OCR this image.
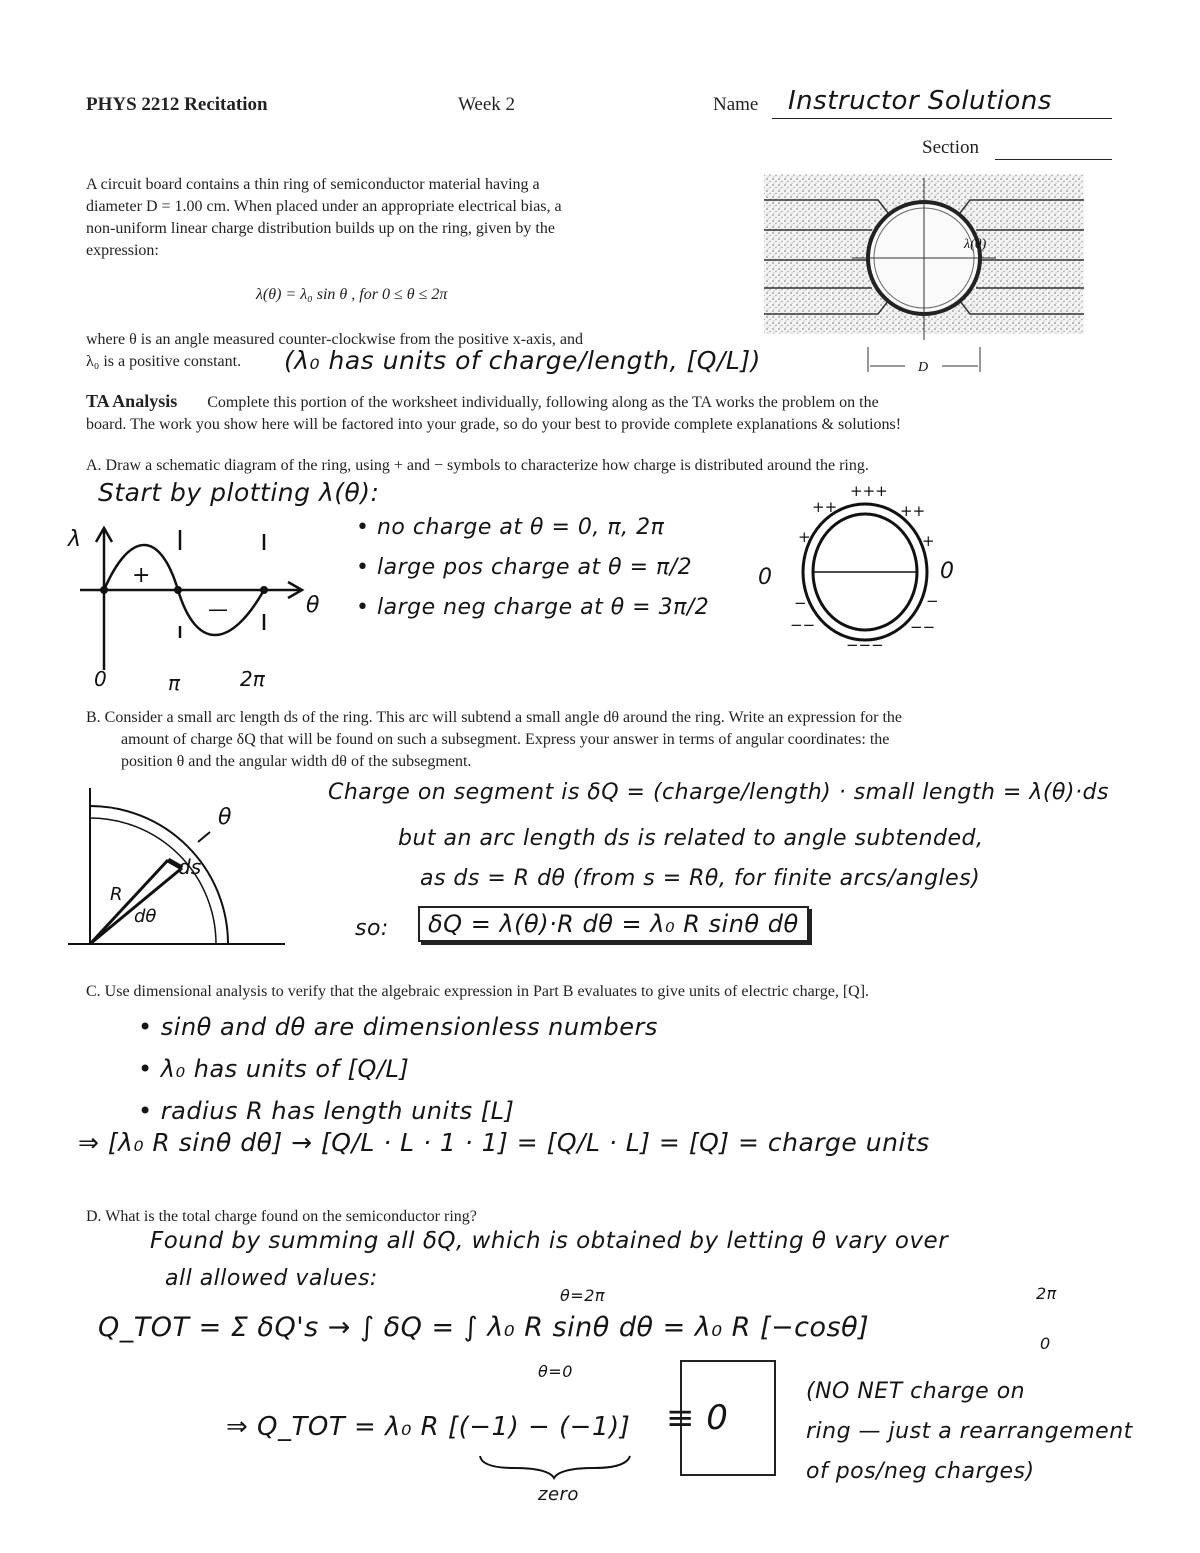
PHYS 2212 Recitation	Week 2	Name Instructor Solutions
Section
A circuit board contains a thin ring of semiconductor material having a
diameter D = 1.00 cm. When placed under an appropriate electrical bias, a
non-uniform linear charge distribution builds up on the ring, given by the
expression:
λ(θ) = λ₀ sin θ , for 0 ≤ θ ≤ 2π
where θ is an angle measured counter-clockwise from the positive x-axis, and
λ₀ is a positive constant.	(λ₀ has units of charge/length, [Q/L])
λ(θ)
D
TA Analysis Complete this portion of the worksheet individually, following along as the TA works the problem on the
board. The work you show here will be factored into your grade, so do your best to provide complete explanations & solutions!
A. Draw a schematic diagram of the ring, using + and − symbols to characterize how charge is distributed around the ring.
Start by plotting λ(θ):
• no charge at θ = 0, π, 2π
• large pos charge at θ = π/2
• large neg charge at θ = 3π/2
λ
θ
+
—
0	π	2π
+++
++	++
+	+
−	−
−−	−−
−−−
0	0
B. Consider a small arc length ds of the ring. This arc will subtend a small angle dθ around the ring. Write an expression for the
amount of charge δQ that will be found on such a subsegment. Express your answer in terms of angular coordinates: the
position θ and the angular width dθ of the subsegment.
θ
ds
R
dθ
Charge on segment is δQ = (charge/length) · small length = λ(θ)·ds
but an arc length ds is related to angle subtended,
as ds = R dθ (from s = Rθ, for finite arcs/angles)
so:	δQ = λ(θ)·R dθ = λ₀ R sinθ dθ
C. Use dimensional analysis to verify that the algebraic expression in Part B evaluates to give units of electric charge, [Q].
• sinθ and dθ are dimensionless numbers
• λ₀ has units of [Q/L]
• radius R has length units [L]
⇒ [λ₀ R sinθ dθ] → [Q/L · L · 1 · 1] = [Q/L · L] = [Q] = charge units
D. What is the total charge found on the semiconductor ring?
Found by summing all δQ, which is obtained by letting θ vary over
all allowed values:
θ=2π
θ=0
Q_TOT = Σ δQ's → ∫ δQ = ∫ λ₀ R sinθ dθ = λ₀ R [−cosθ]
2π
0
⇒ Q_TOT = λ₀ R [(−1) − (−1)]
zero
≡ 0
(NO NET charge on
ring — just a rearrangement
of pos/neg charges)
